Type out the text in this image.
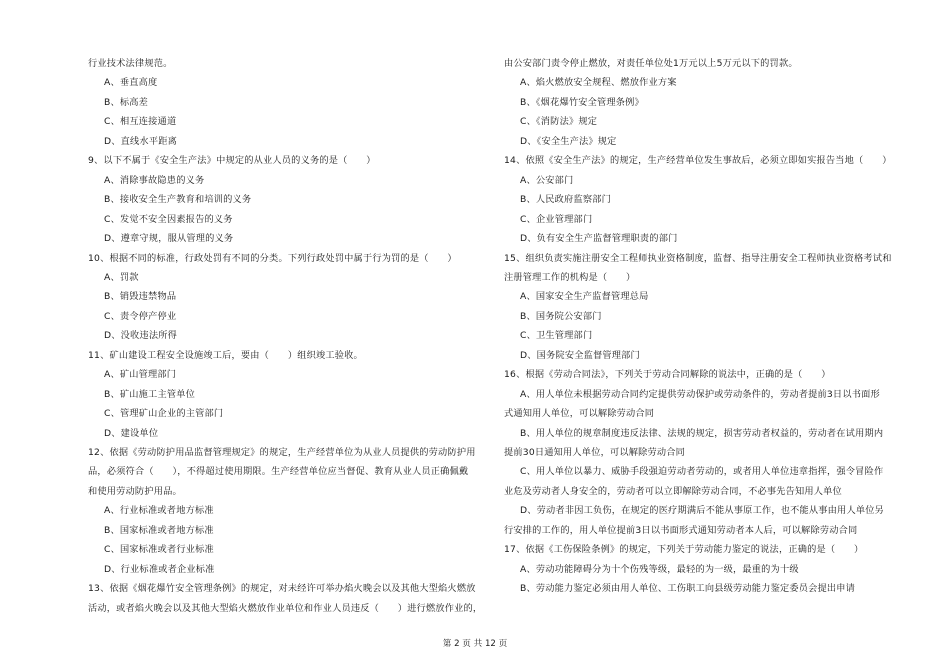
行业技术法律规范。
A、垂直高度
B、标高差
C、相互连接通道
D、直线水平距离
9、以下不属于《安全生产法》中规定的从业人员的义务的是（　　）
A、消除事故隐患的义务
B、接收安全生产教育和培训的义务
C、发觉不安全因素报告的义务
D、遵章守规，服从管理的义务
10、根据不同的标准，行政处罚有不同的分类。下列行政处罚中属于行为罚的是（　　）
A、罚款
B、销毁违禁物品
C、责令停产停业
D、没收违法所得
11、矿山建设工程安全设施竣工后，要由（　　）组织竣工验收。
A、矿山管理部门
B、矿山施工主管单位
C、管理矿山企业的主管部门
D、建设单位
12、依据《劳动防护用品监督管理规定》的规定，生产经营单位为从业人员提供的劳动防护用
品，必须符合（　　），不得超过使用期限。生产经营单位应当督促、教育从业人员正确佩戴
和使用劳动防护用品。
A、行业标准或者地方标准
B、国家标准或者地方标准
C、国家标准或者行业标准
D、行业标准或者企业标准
13、依据《烟花爆竹安全管理条例》的规定，对未经许可举办焰火晚会以及其他大型焰火燃放
活动，或者焰火晚会以及其他大型焰火燃放作业单位和作业人员违反（　　）进行燃放作业的，
由公安部门责令停止燃放，对责任单位处1万元以上5万元以下的罚款。
A、焰火燃放安全规程、燃放作业方案
B、《烟花爆竹安全管理条例》
C、《消防法》规定
D、《安全生产法》规定
14、依照《安全生产法》的规定，生产经营单位发生事故后，必须立即如实报告当地（　　）
A、公安部门
B、人民政府监察部门
C、企业管理部门
D、负有安全生产监督管理职责的部门
15、组织负责实施注册安全工程师执业资格制度，监督、指导注册安全工程师执业资格考试和
注册管理工作的机构是（　　）
A、国家安全生产监督管理总局
B、国务院公安部门
C、卫生管理部门
D、国务院安全监督管理部门
16、根据《劳动合同法》，下列关于劳动合同解除的说法中，正确的是（　　）
A、用人单位未根据劳动合同约定提供劳动保护或劳动条件的，劳动者提前3日以书面形
式通知用人单位，可以解除劳动合同
B、用人单位的规章制度违反法律、法规的规定，损害劳动者权益的，劳动者在试用期内
提前30日通知用人单位，可以解除劳动合同
C、用人单位以暴力、威胁手段强迫劳动者劳动的，或者用人单位违章指挥，强令冒险作
业危及劳动者人身安全的，劳动者可以立即解除劳动合同，不必事先告知用人单位
D、劳动者非因工负伤，在规定的医疗期满后不能从事原工作，也不能从事由用人单位另
行安排的工作的，用人单位提前3日以书面形式通知劳动者本人后，可以解除劳动合同
17、依据《工伤保险条例》的规定，下列关于劳动能力鉴定的说法，正确的是（　　）
A、劳动功能障碍分为十个伤残等级，最轻的为一级，最重的为十级
B、劳动能力鉴定必须由用人单位、工伤职工向县级劳动能力鉴定委员会提出申请
第 2 页 共 12 页
